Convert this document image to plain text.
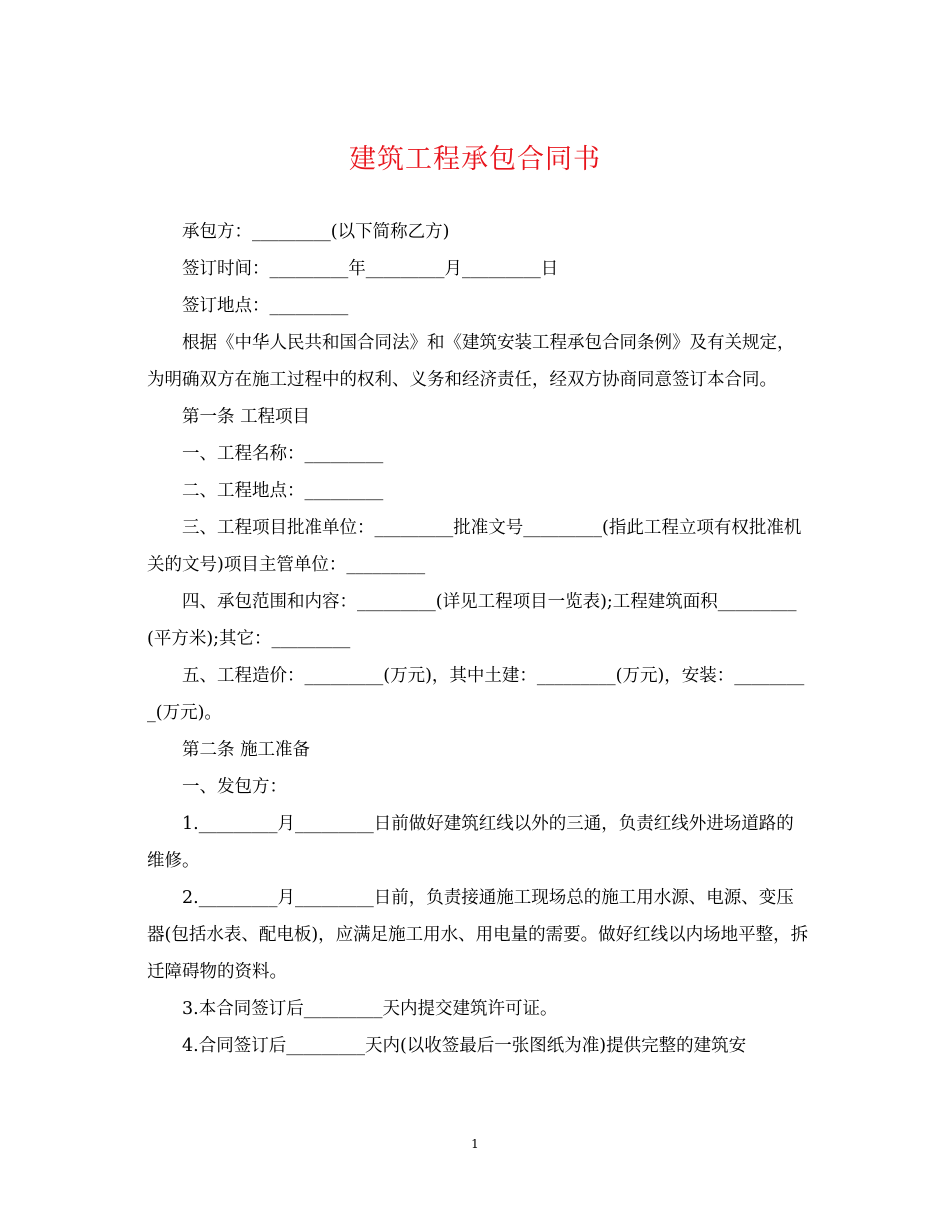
建筑工程承包合同书

承包方：_________(以下简称乙方)

签订时间：_________年_________月_________日

签订地点：_________

根据《中华人民共和国合同法》和《建筑安装工程承包合同条例》及有关规定，为明确双方在施工过程中的权利、义务和经济责任，经双方协商同意签订本合同。

第一条 工程项目

一、工程名称：_________

二、工程地点：_________

三、工程项目批准单位：_________批准文号_________(指此工程立项有权批准机关的文号)项目主管单位：_________

四、承包范围和内容：_________(详见工程项目一览表);工程建筑面积_________(平方米);其它：_________

五、工程造价：_________(万元)，其中土建：_________(万元)，安装：_________(万元)。

第二条 施工准备

一、发包方：

1._________月_________日前做好建筑红线以外的三通，负责红线外进场道路的维修。

2._________月_________日前，负责接通施工现场总的施工用水源、电源、变压器(包括水表、配电板)，应满足施工用水、用电量的需要。做好红线以内场地平整，拆迁障碍物的资料。

3.本合同签订后_________天内提交建筑许可证。

4.合同签订后_________天内(以收签最后一张图纸为准)提供完整的建筑安

1
